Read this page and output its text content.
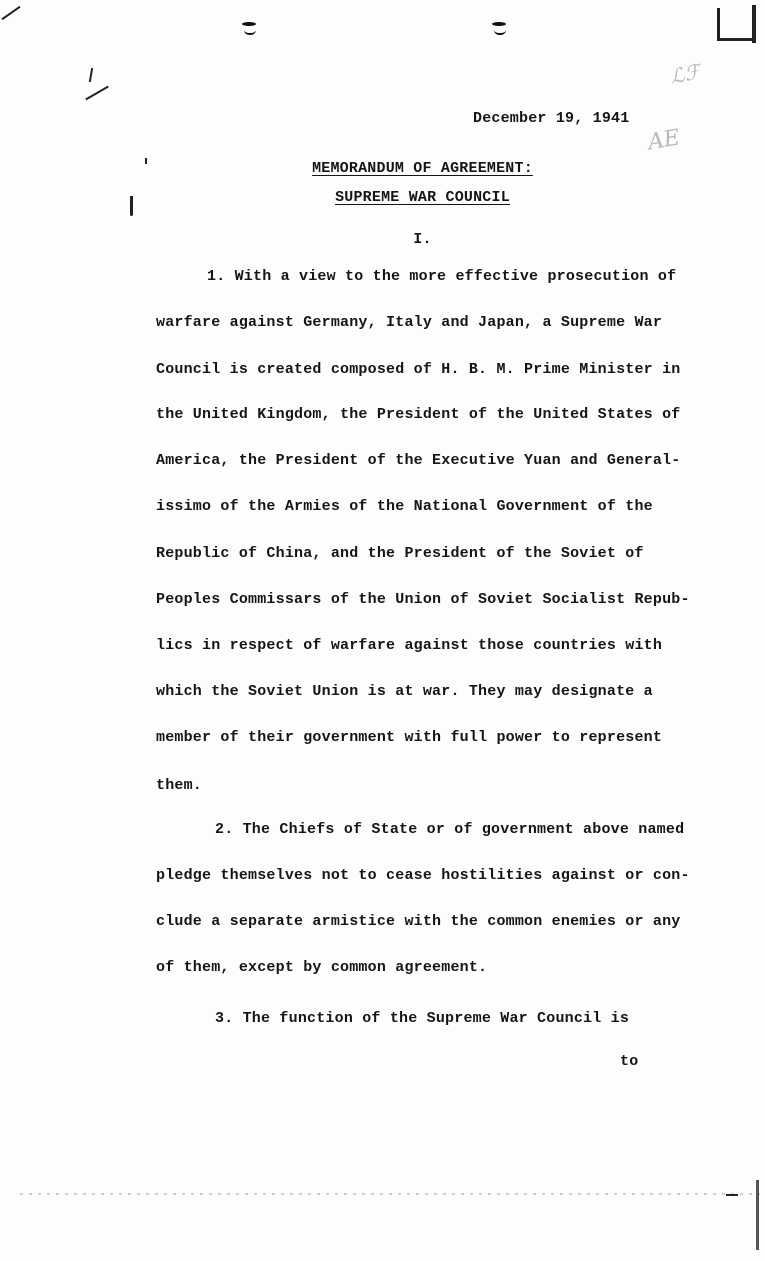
AE
ℒℱ
December 19, 1941
MEMORANDUM OF AGREEMENT:
SUPREME WAR COUNCIL
I.
1. With a view to the more effective prosecution of
warfare against Germany, Italy and Japan, a Supreme War
Council is created composed of H. B. M. Prime Minister in
the United Kingdom, the President of the United States of
America, the President of the Executive Yuan and General-
issimo of the Armies of the National Government of the
Republic of China, and the President of the Soviet of
Peoples Commissars of the Union of Soviet Socialist Repub-
lics in respect of warfare against those countries with
which the Soviet Union is at war. They may designate a
member of their government with full power to represent
them.
2. The Chiefs of State or of government above named
pledge themselves not to cease hostilities against or con-
clude a separate armistice with the common enemies or any
of them, except by common agreement.
3. The function of the Supreme War Council is
to
